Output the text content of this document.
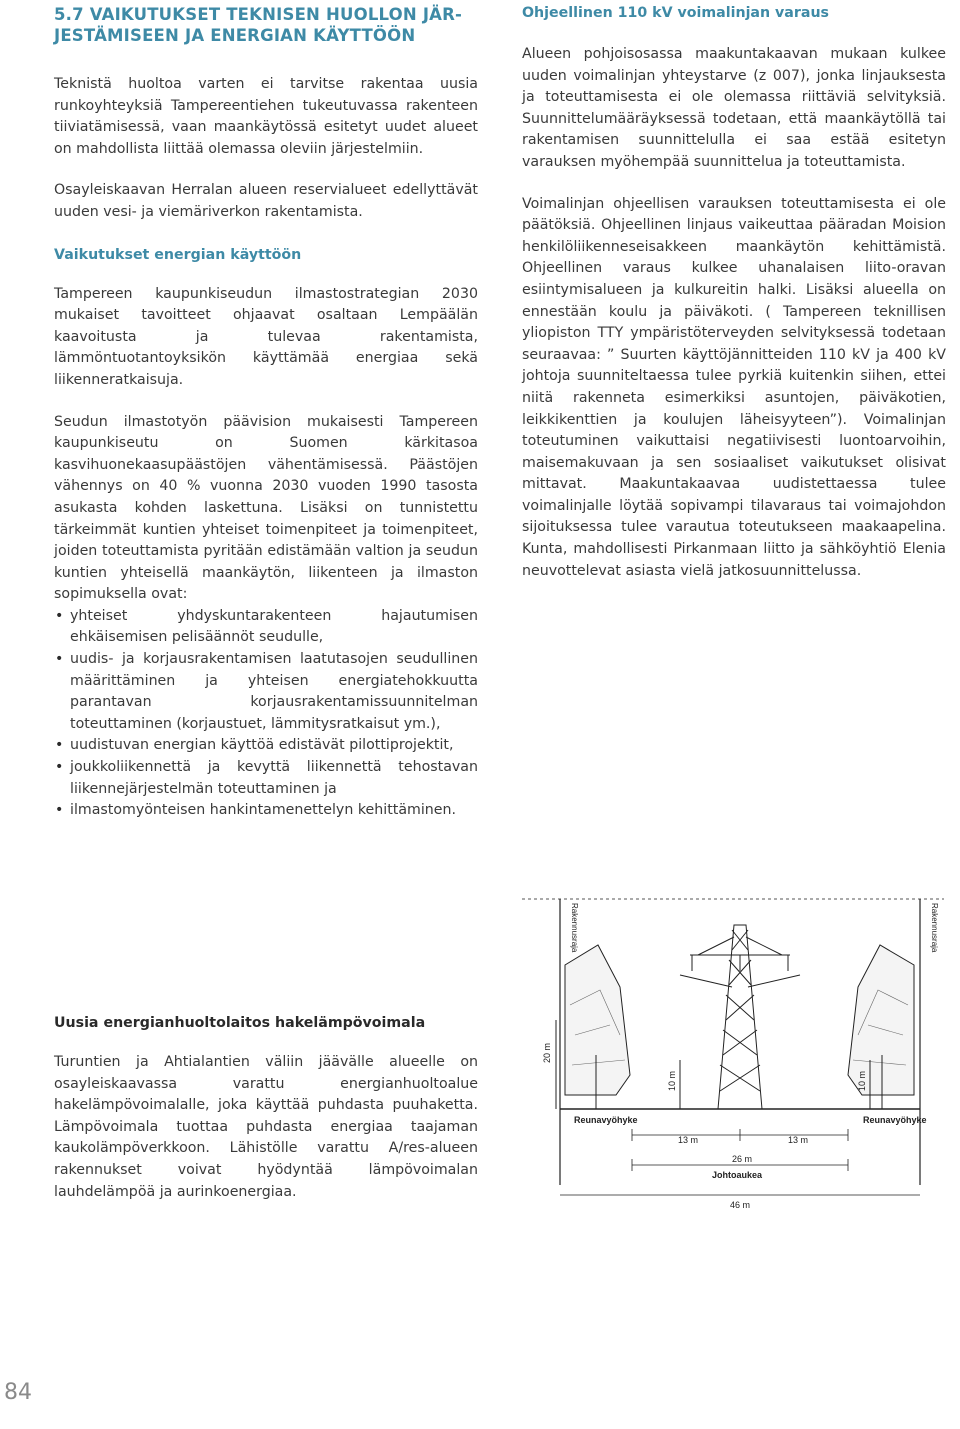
5.7 VAIKUTUKSET TEKNISEN HUOLLON JÄR-JESTÄMISEEN JA ENERGIAN KÄYTTÖÖN

Teknistä huoltoa varten ei tarvitse rakentaa uusia runkoyhteyksiä Tampereentiehen tukeutuvassa rakenteen tiiviatämisessä, vaan maankäytössä esitetyt uudet alueet on mahdollista liittää olemassa oleviin järjestelmiin.

Osayleiskaavan Herralan alueen reservialueet edellyttävät uuden vesi- ja viemäriverkon rakentamista.

Vaikutukset energian käyttöön

Tampereen kaupunkiseudun ilmastostrategian 2030 mukaiset tavoitteet ohjaavat osaltaan Lempäälän kaavoitusta ja tulevaa rakentamista, lämmöntuotantoyksikön käyttämää energiaa sekä liikenneratkaisuja.

Seudun ilmastotyön päävision mukaisesti Tampereen kaupunkiseutu on Suomen kärkitasoa kasvihuonekaasupäästöjen vähentämisessä. Päästöjen vähennys on 40 % vuonna 2030 vuoden 1990 tasosta asukasta kohden laskettuna. Lisäksi on tunnistettu tärkeimmät kuntien yhteiset toimenpiteet ja toimenpiteet, joiden toteuttamista pyritään edistämään valtion ja seudun kuntien yhteisellä maankäytön, liikenteen ja ilmaston sopimuksella ovat:

• yhteiset yhdyskuntarakenteen hajautumisen ehkäisemisen pelisäännöt seudulle,
• uudis- ja korjausrakentamisen laatutasojen seudullinen määrittäminen ja yhteisen energiatehokkuutta parantavan korjausrakentamissuunnitelman toteuttaminen (korjaustuet, lämmitysratkaisut ym.),
• uudistuvan energian käyttöä edistävät pilottiprojektit,
• joukkoliikennettä ja kevyttä liikennettä tehostavan liikennejärjestelmän toteuttaminen ja
• ilmastomyönteisen hankintamenettelyn kehittäminen.
Ohjeellinen 110 kV voimalinjan varaus

Alueen pohjoisosassa maakuntakaavan mukaan kulkee uuden voimalinjan yhteystarve (z 007), jonka linjauksesta ja toteuttamisesta ei ole olemassa riittäviä selvityksiä. Suunnittelumääräyksessä todetaan, että maankäytöllä tai rakentamisen suunnittelulla ei saa estää esitetyn varauksen myöhempää suunnittelua ja toteuttamista.

Voimalinjan ohjeellisen varauksen toteuttamisesta ei ole päätöksiä. Ohjeellinen linjaus vaikeuttaa pääradan Moision henkilöliikenneseisakkeen maankäytön kehittämistä. Ohjeellinen varaus kulkee uhanalaisen liito-oravan esiintymisalueen ja kulkureitin halki. Lisäksi alueella on ennestään koulu ja päiväkoti. ( Tampereen teknillisen yliopiston TTY ympäristöterveyden selvityksessä todetaan seuraavaa: ” Suurten käyttöjännitteiden 110 kV ja 400 kV johtoja suunniteltaessa tulee pyrkiä kuitenkin siihen, ettei niitä rakenneta esimerkiksi asuntojen, päiväkotien, leikkikenttien ja koulujen läheisyyteen”). Voimalinjan toteutuminen vaikuttaisi negatiivisesti luontoarvoihin, maisemakuvaan ja sen sosiaaliset vaikutukset olisivat mittavat. Maakuntakaavaa uudistettaessa tulee voimalinjalle löytää sopivampi tilavaraus tai voimajohdon sijoituksessa tulee varautua toteutukseen maakaapelina. Kunta, mahdollisesti Pirkanmaan liitto ja sähköyhtiö Elenia neuvottelevat asiasta vielä jatkosuunnittelussa.

Rakennusraja	Rakennusraja
20 m
10 m	10 m
Reunavyöhyke	Reunavyöhyke
13 m	13 m
26 m
Johtoaukea
46 m
Uusia energianhuoltolaitos hakelämpövoimala

Turuntien ja Ahtialantien väliin jäävälle alueelle on osayleiskaavassa varattu energianhuoltoalue hakelämpövoimalalle, joka käyttää puhdasta puuhaketta. Lämpövoimala tuottaa puhdasta energiaa taajaman kaukolämpöverkkoon. Lähistölle varattu A/res-alueen rakennukset voivat hyödyntää lämpövoimalan lauhdelämpöä ja aurinkoenergiaa.

84
